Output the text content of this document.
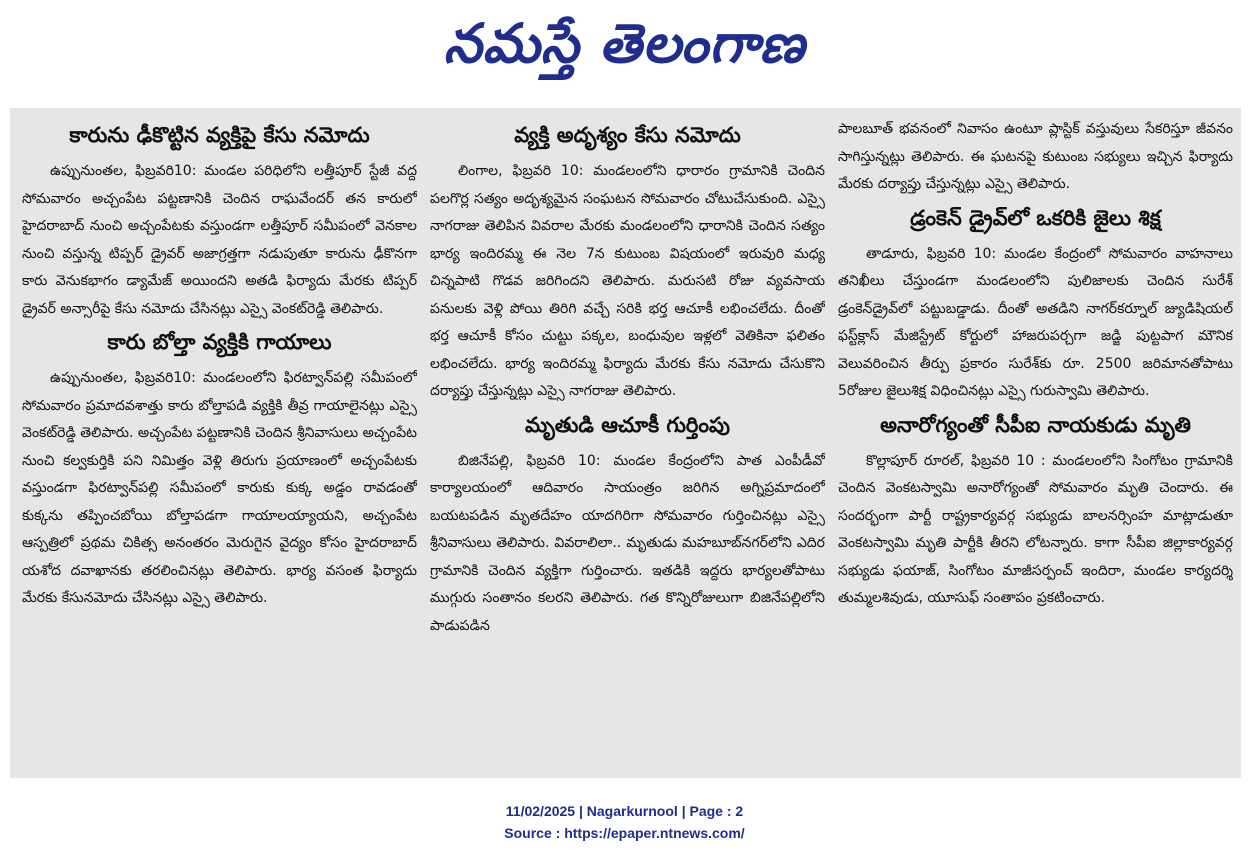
నమస్తే తెలంగాణ
కారును ఢీకొట్టిన వ్యక్తిపై కేసు నమోదు

ఉప్పునుంతల, ఫిబ్రవరి10: మండల పరిధిలోని లత్తీపూర్ స్టేజీ వద్ద సోమవారం అచ్చంపేట పట్టణానికి చెందిన రాఘవేందర్ తన కారులో హైదరాబాద్ నుంచి అచ్చంపేటకు వస్తుండగా లత్తీపూర్ సమీపంలో వెనకాల నుంచి వస్తున్న టిప్పర్ డ్రైవర్ అజాగ్రత్తగా నడుపుతూ కారును ఢీకొనగా కారు వెనుకభాగం డ్యామేజ్ అయిందని అతడి ఫిర్యాదు మేరకు టిప్పర్ డ్రైవర్ అన్సారీపై కేసు నమోదు చేసినట్లు ఎస్సై వెంకట్‌రెడ్డి తెలిపారు.

కారు బోల్తా వ్యక్తికి గాయాలు

ఉప్పునుంతల, ఫిబ్రవరి10: మండలంలోని ఫిరట్వాన్‌పల్లి సమీపంలో సోమవారం ప్రమాదవశాత్తు కారు బోల్తాపడి వ్యక్తికి తీవ్ర గాయాలైనట్లు ఎస్సై వెంకట్‌రెడ్డి తెలిపారు. అచ్చంపేట పట్టణానికి చెందిన శ్రీనివాసులు అచ్చంపేట నుంచి కల్వకుర్తికి పని నిమిత్తం వెళ్లి తిరుగు ప్రయాణంలో అచ్చంపేటకు వస్తుండగా ఫిరట్వాన్‌పల్లి సమీపంలో కారుకు కుక్క అడ్డం రావడంతో కుక్కను తప్పించబోయి బోల్తాపడగా గాయాలయ్యాయని, అచ్చంపేట ఆస్పత్రిలో ప్రథమ చికిత్స అనంతరం మెరుగైన వైద్యం కోసం హైదరాబాద్ యశోద దవాఖానకు తరలించినట్లు తెలిపారు. భార్య వసంత ఫిర్యాదు మేరకు కేసునమోదు చేసినట్లు ఎస్సై తెలిపారు.

వ్యక్తి అదృశ్యం కేసు నమోదు

లింగాల, ఫిబ్రవరి 10: మండలంలోని ధారారం గ్రామానికి చెందిన పలగొర్ల సత్యం అదృశ్యమైన సంఘటన సోమవారం చోటుచేసుకుంది. ఎస్సై నాగరాజు తెలిపిన వివరాల మేరకు మండలంలోని ధారానికి చెందిన సత్యం భార్య ఇందిరమ్మ ఈ నెల 7న కుటుంబ విషయంలో ఇరువురి మధ్య చిన్నపాటి గొడవ జరిగిందని తెలిపారు. మరుసటి రోజు వ్యవసాయ పనులకు వెళ్లి పోయి తిరిగి వచ్చే సరికి భర్త ఆచూకీ లభించలేదు. దీంతో భర్త ఆచూకీ కోసం చుట్టు పక్కల, బంధువుల ఇళ్లలో వెతికినా ఫలితం లభించలేదు. భార్య ఇందిరమ్మ ఫిర్యాదు మేరకు కేసు నమోదు చేసుకొని దర్యాప్తు చేస్తున్నట్లు ఎస్సై నాగరాజు తెలిపారు.

మృతుడి ఆచూకీ గుర్తింపు

బిజినేపల్లి, ఫిబ్రవరి 10: మండల కేంద్రంలోని పాత ఎంపీడీవో కార్యాలయంలో ఆదివారం సాయంత్రం జరిగిన అగ్నిప్రమాదంలో బయటపడిన మృతదేహం యాదగిరిగా సోమవారం గుర్తించినట్లు ఎస్సై శ్రీనివాసులు తెలిపారు. వివరాలిలా.. మృతుడు మహబూబ్‌నగర్‌లోని ఎదిర గ్రామానికి చెందిన వ్యక్తిగా గుర్తించారు. ఇతడికి ఇద్దరు భార్యలతోపాటు ముగ్గురు సంతానం కలరని తెలిపారు. గత కొన్నిరోజులుగా బిజినేపల్లిలోని పాడుపడిన

పాలబూత్ భవనంలో నివాసం ఉంటూ ప్లాస్టిక్ వస్తువులు సేకరిస్తూ జీవనం సాగిస్తున్నట్లు తెలిపారు. ఈ ఘటనపై కుటుంబ సభ్యులు ఇచ్చిన ఫిర్యాదు మేరకు దర్యాప్తు చేస్తున్నట్లు ఎస్సై తెలిపారు.

డ్రంకెన్ డ్రైవ్‌లో ఒకరికి జైలు శిక్ష

తాడూరు, ఫిబ్రవరి 10: మండల కేంద్రంలో సోమవారం వాహనాలు తనిఖీలు చేస్తుండగా మండలంలోని పులిజాలకు చెందిన సురేశ్ డ్రంకెన్‌డ్రైవ్‌లో పట్టుబడ్డాడు. దీంతో అతడిని నాగర్‌కర్నూల్ జ్యుడిషియల్ ఫస్ట్‌క్లాస్ మేజిస్ట్రేట్ కోర్టులో హాజరుపర్చగా జడ్జి పుట్టపాగ మౌనిక వెలువరించిన తీర్పు ప్రకారం సురేశ్‌కు రూ. 2500 జరిమానతోపాటు 5రోజుల జైలుశిక్ష విధించినట్లు ఎస్సై గురుస్వామి తెలిపారు.

అనారోగ్యంతో సీపీఐ నాయకుడు మృతి

కొల్లాపూర్ రూరల్, ఫిబ్రవరి 10 : మండలంలోని సింగోటం గ్రామానికి చెందిన వెంకటస్వామి అనారోగ్యంతో సోమవారం మృతి చెందారు. ఈ సందర్భంగా పార్టీ రాష్ట్రకార్యవర్గ సభ్యుడు బాలనర్సింహ మాట్లాడుతూ వెంకటస్వామి మృతి పార్టీకి తీరని లోటన్నారు. కాగా సీపీఐ జిల్లాకార్యవర్గ సభ్యుడు ఫయాజ్, సింగోటం మాజీసర్పంచ్ ఇందిరా, మండల కార్యదర్శి తుమ్మలశివుడు, యూసుఫ్ సంతాపం ప్రకటించారు.

11/02/2025 | Nagarkurnool | Page : 2
Source : https://epaper.ntnews.com/
